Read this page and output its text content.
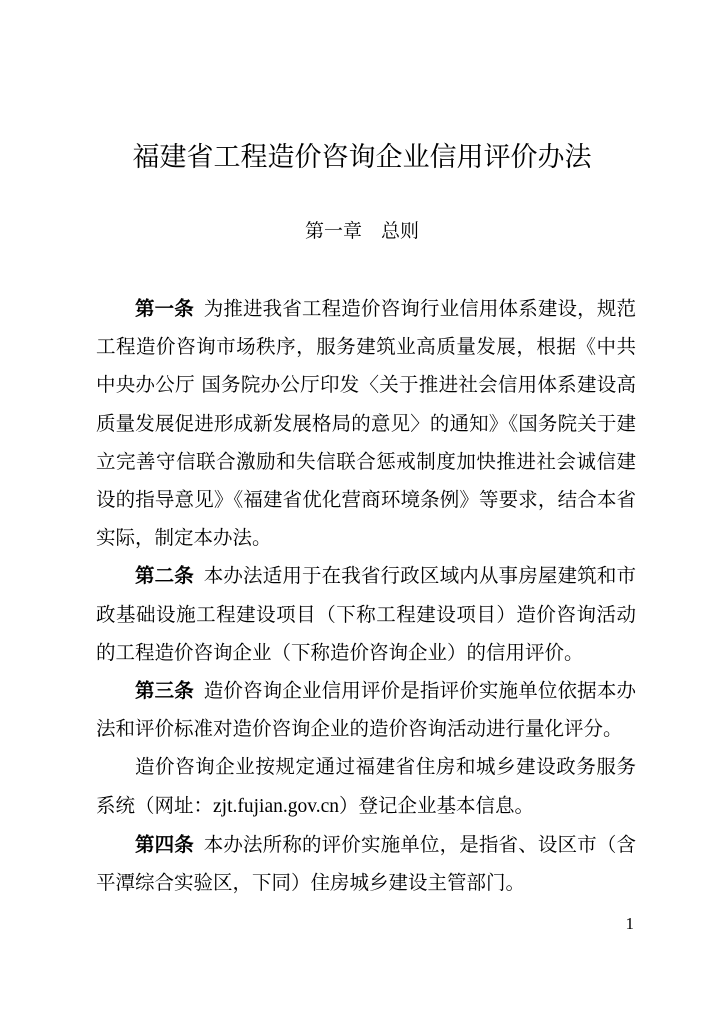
福建省工程造价咨询企业信用评价办法
第一章　总则

第一条 为推进我省工程造价咨询行业信用体系建设，规范工程造价咨询市场秩序，服务建筑业高质量发展，根据《中共中央办公厅 国务院办公厅印发〈关于推进社会信用体系建设高质量发展促进形成新发展格局的意见〉的通知》《国务院关于建立完善守信联合激励和失信联合惩戒制度加快推进社会诚信建设的指导意见》《福建省优化营商环境条例》等要求，结合本省实际，制定本办法。

第二条 本办法适用于在我省行政区域内从事房屋建筑和市政基础设施工程建设项目（下称工程建设项目）造价咨询活动的工程造价咨询企业（下称造价咨询企业）的信用评价。

第三条 造价咨询企业信用评价是指评价实施单位依据本办法和评价标准对造价咨询企业的造价咨询活动进行量化评分。

造价咨询企业按规定通过福建省住房和城乡建设政务服务系统（网址：zjt.fujian.gov.cn）登记企业基本信息。

第四条 本办法所称的评价实施单位，是指省、设区市（含平潭综合实验区，下同）住房城乡建设主管部门。

1
